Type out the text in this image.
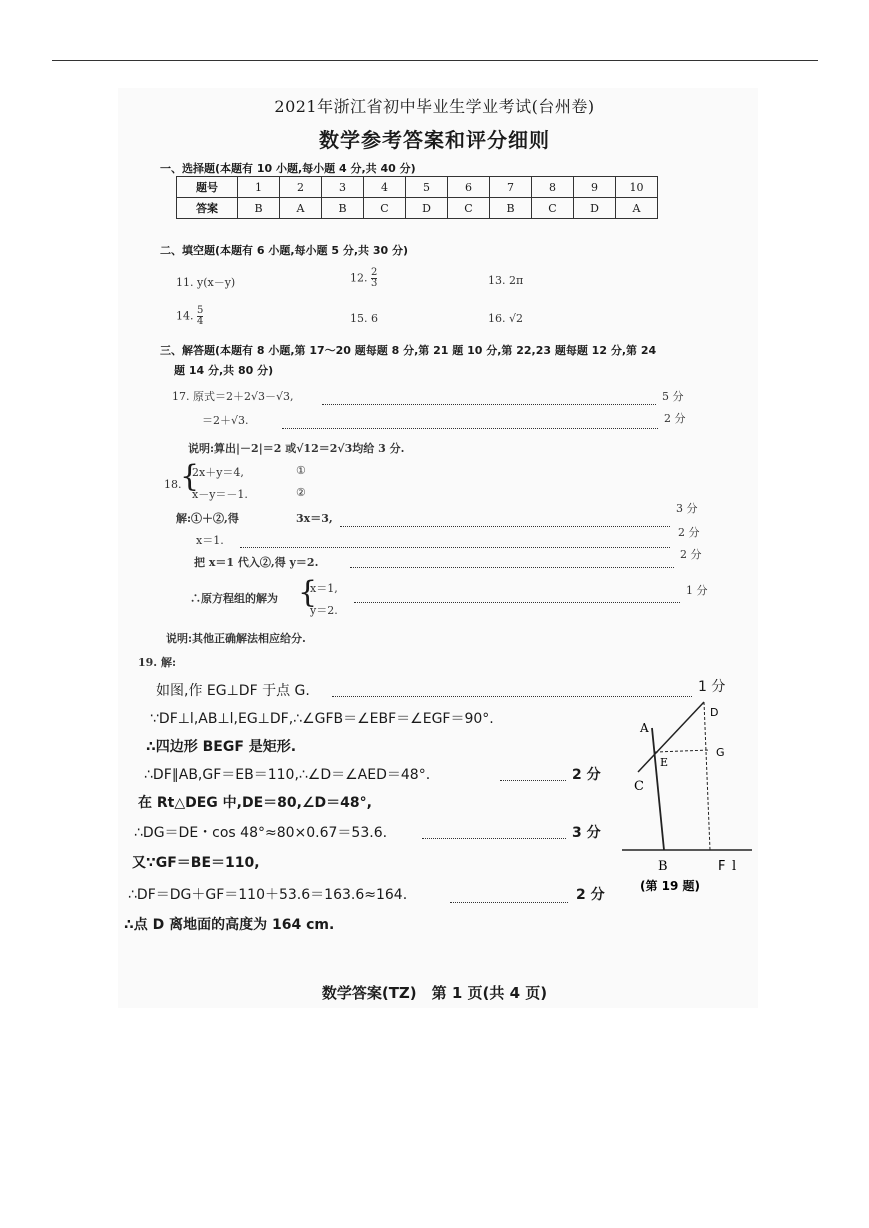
2021年浙江省初中毕业生学业考试(台州卷)
数学参考答案和评分细则
一、选择题(本题有 10 小题,每小题 4 分,共 40 分)
题号	1	2	3	4	5	6	7	8	9	10
答案	B	A	B	C	D	C	B	C	D	A
二、填空题(本题有 6 小题,每小题 5 分,共 30 分)
11. y(x－y)	12. $\frac{2}{3}$	13. 2π
14. $\frac{5}{4}$	15. 6	16. √2
三、解答题(本题有 8 小题,第 17～20 题每题 8 分,第 21 题 10 分,第 22,23 题每题 12 分,第 24
题 14 分,共 80 分)
17. 原式＝2＋2√3－√3,	5 分
＝2＋√3.	2 分
说明:算出|－2|＝2 或√12＝2√3均给 3 分.
18.
{
2x＋y＝4,	①
x－y＝－1.	②
解:①＋②,得	3x＝3,
3 分
x＝1.
2 分
把 x＝1 代入②,得 y＝2.
2 分
∴原方程组的解为 {
x＝1,
y＝2.
1 分
说明:其他正确解法相应给分.
19. 解:
如图,作 EG⊥DF 于点 G.	1 分
∵DF⊥l,AB⊥l,EG⊥DF,∴∠GFB＝∠EBF＝∠EGF＝90°.
∴四边形 BEGF 是矩形.
∴DF∥AB,GF＝EB＝110,∴∠D＝∠AED＝48°.	2 分
在 Rt△DEG 中,DE＝80,∠D＝48°,
∴DG＝DE・cos 48°≈80×0.67＝53.6.	3 分
又∵GF＝BE＝110,
∴DF＝DG＋GF＝110＋53.6＝163.6≈164.	2 分
∴点 D 离地面的高度为 164 cm.
A
B
C
D
E
G
F l
(第 19 题)
数学答案(TZ)　第 1 页(共 4 页)
